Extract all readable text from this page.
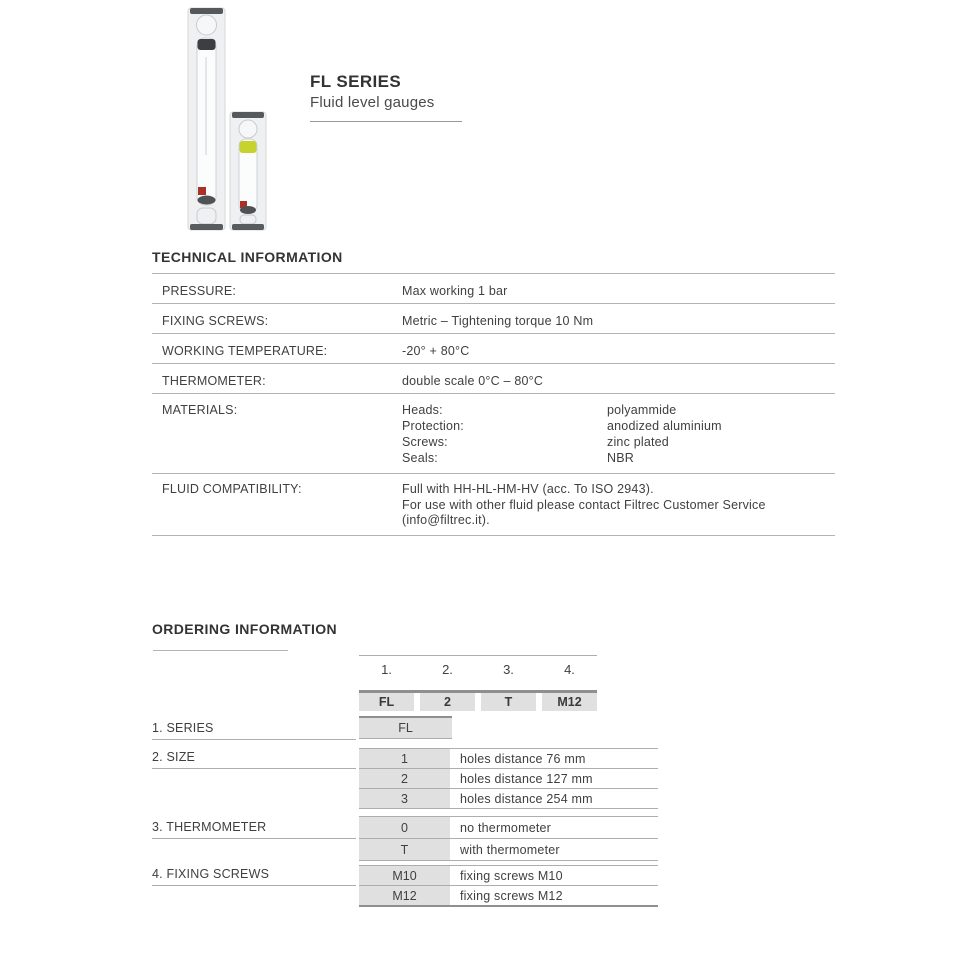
FL SERIES
Fluid level gauges
TECHNICAL INFORMATION
PRESSURE:	Max working 1 bar
FIXING SCREWS:	Metric – Tightening torque 10 Nm
WORKING TEMPERATURE:	-20° + 80°C
THERMOMETER:	double scale 0°C – 80°C
MATERIALS:	Heads:	polyammide
Protection:	anodized aluminium
Screws:	zinc plated
Seals:	NBR
FLUID COMPATIBILITY:	Full with HH-HL-HM-HV (acc. To ISO 2943).
For use with other fluid please contact Filtrec Customer Service
(info@filtrec.it).
ORDERING INFORMATION
1.	2.	3.	4.
FL	2	T	M12
1. SERIES	FL
2. SIZE	1	holes distance 76 mm
2	holes distance 127 mm
3	holes distance 254 mm
3. THERMOMETER	0	no thermometer
T	with thermometer
4. FIXING SCREWS	M10	fixing screws M10
M12	fixing screws M12
